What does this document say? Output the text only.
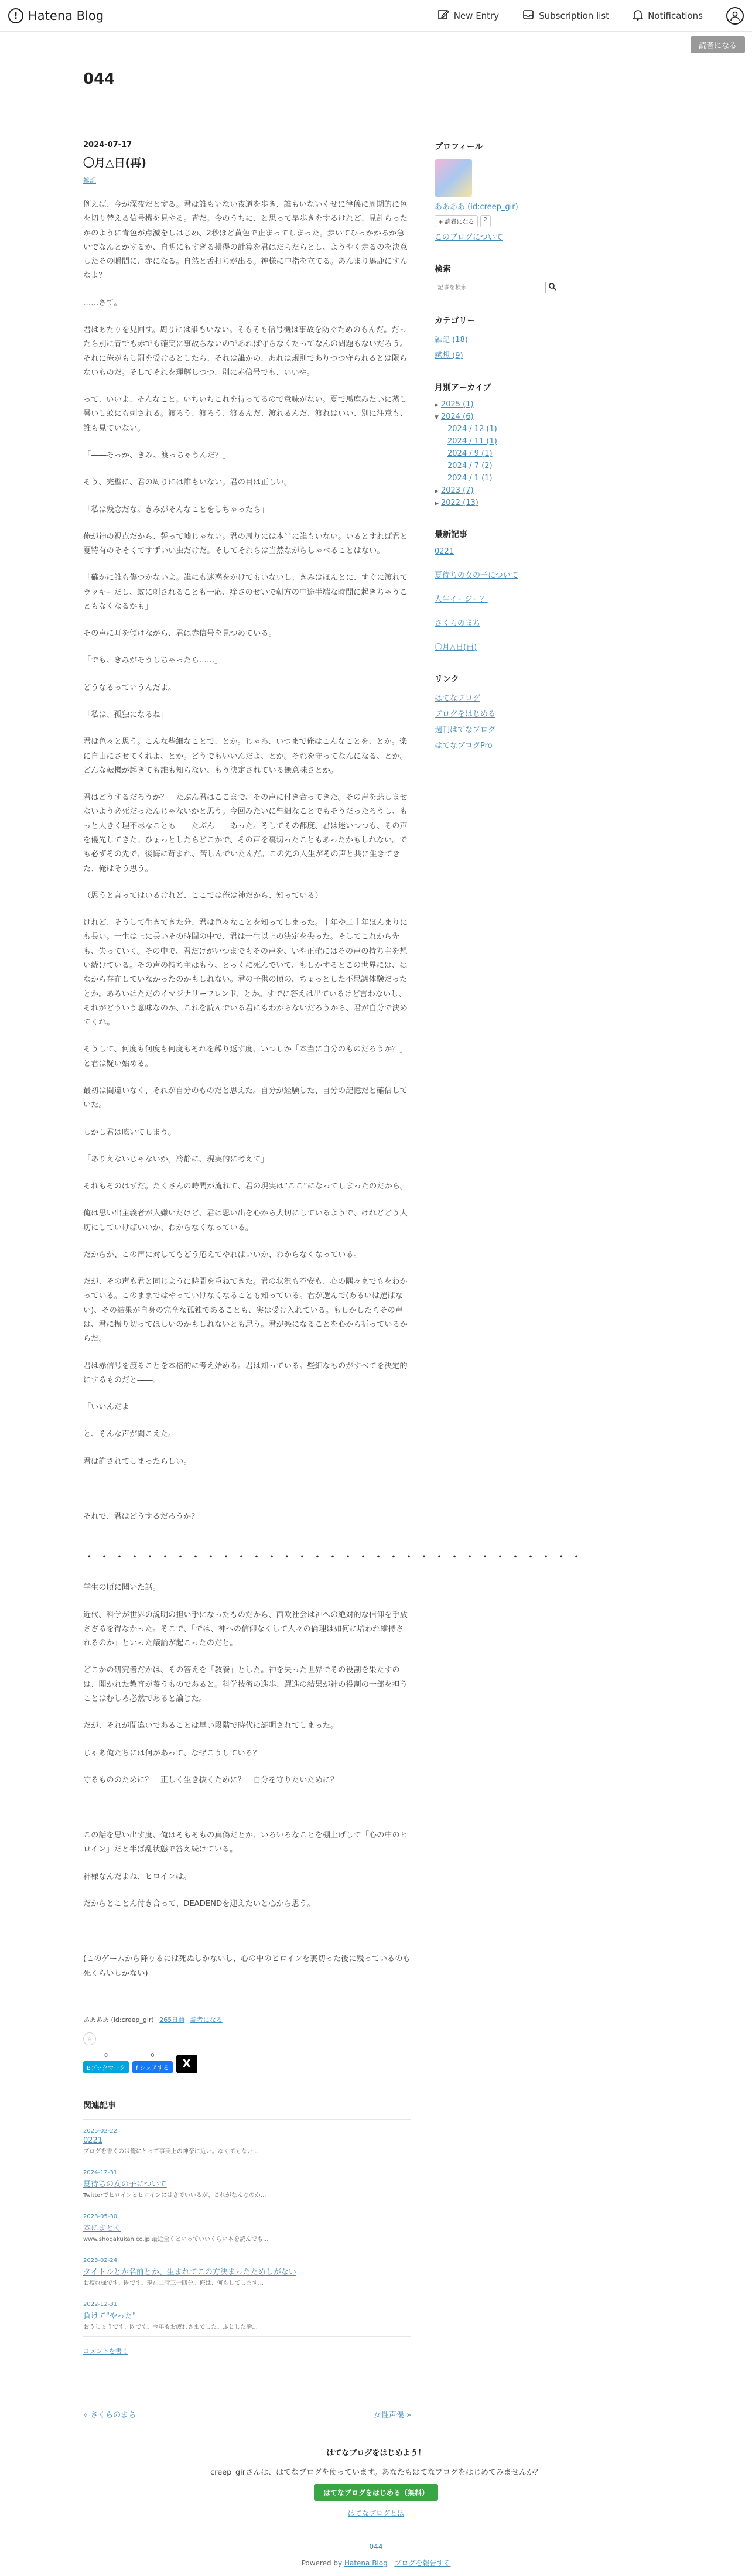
! Hatena Blog	New Entry	Subscription list	Notifications
読者になる
044
2024-07-17
〇月△日(再)
雑記

例えば、今が深夜だとする。君は誰もいない夜道を歩き、誰もいないくせに律儀に周期的に色を切り替える信号機を見やる。青だ。今のうちに、と思って早歩きをするけれど、見計らったかのように青色が点滅をしはじめ、2秒ほど黄色で止まってしまった。歩いてひっかかるか急いでなんとかするか、自明にもすぎる損得の計算を君はだらだらとし、ようやく走るのを決意したその瞬間に、赤になる。自然と舌打ちが出る。神様に中指を立てる。あんまり馬鹿にすんなよ？

……さて。

君はあたりを見回す。周りには誰もいない。そもそも信号機は事故を防ぐためのもんだ。だったら別に青でも赤でも確実に事故らないのであれば守らなくたってなんの問題もないだろう。それに俺がもし罰を受けるとしたら、それは誰かの、あれは規則でありつつ守られるとは限らないものだ。そしてそれを理解しつつ、別に赤信号でも、いいや。

って、いいよ、そんなこと。いちいちこれを待ってるので意味がない。夏で馬鹿みたいに蒸し暑いし蚊にも刺される。渡ろう、渡ろう、渡るんだ、渡れるんだ、渡れはいい、別に注意も、誰も見ていない。

「――そっか、きみ、渡っちゃうんだ？」

そう、完璧に、君の周りには誰もいない。君の目は正しい。

「私は残念だな。きみがそんなことをしちゃったら」

俺が神の視点だから、誓って嘘じゃない。君の周りには本当に誰もいない。いるとすれば君と夏特有のそそくてすずいい虫だけだ。そしてそれらは当然ながらしゃべることはない。

「確かに誰も傷つかないよ。誰にも迷惑をかけてもいないし、きみはほんとに、すぐに渡れてラッキーだし、蚊に刺されることも一応、痒さのせいで朝方の中途半端な時間に起きちゃうこともなくなるかも」

その声に耳を傾けながら、君は赤信号を見つめている。

「でも、きみがそうしちゃったら……」

どうなるっていうんだよ。

「私は、孤独になるね」

君は色々と思う。こんな些細なことで、とか。じゃあ、いつまで俺はこんなことを、とか。楽に自由にさせてくれよ、とか。どうでもいいんだよ、とか。それを守ってなんになる、とか。どんな転機が起きても誰も知らない、もう決定されている無意味さとか。

君はどうするだろうか？　たぶん君はここまで、その声に付き合ってきた。その声を悲しませないよう必死だったんじゃないかと思う。今回みたいに些細なことでもそうだったろうし、もっと大きく理不尽なことも――たぶん――あった。そしてその都度、君は迷いつつも、その声を優先してきた。ひょっとしたらどこかで、その声を裏切ったこともあったかもしれない。でも必ずその先で、後悔に苛まれ、苦しんでいたんだ。この先の人生がその声と共に生きてきた、俺はそう思う。

（思うと言ってはいるけれど、ここでは俺は神だから、知っている）

けれど、そうして生きてきた分、君は色々なことを知ってしまった。十年や二十年ほんまりにも長い。一生は上に長いその時間の中で、君は一生以上の決定を失った。そしてこれから先も、失っていく。その中で、君だけがいつまでもその声を、いや正確にはその声の持ち主を想い続けている。その声の持ち主はもう、とっくに死んでいて、もしかするとこの世界には、はなから存在していなかったのかもしれない。君の子供の頃の、ちょっとした不思議体験だったとか。あるいはただのイマジナリーフレンド、とか。すでに答えは出ているけど言わないし、それがどういう意味なのか、これを読んでいる君にもわからないだろうから、君が自分で決めてくれ。

そうして、何度も何度も何度もそれを繰り返す度、いつしか「本当に自分のものだろうか？」と君は疑い始める。

最初は間違いなく、それが自分のものだと思えた。自分が経験した、自分の記憶だと確信していた。

しかし君は呟いてしまう。

「ありえないじゃないか。冷静に、現実的に考えて」

それもそのはずだ。たくさんの時間が流れて、君の現実は“ここ”になってしまったのだから。

俺は思い出主義者が大嫌いだけど、君は思い出を心から大切にしているようで、けれどどう大切にしていけばいいか、わからなくなっている。

だからか、この声に対してもどう応えてやればいいか、わからなくなっている。

だが、その声も君と同じように時間を重ねてきた。君の状況も不安も、心の隅々までもをわかっている。このままではやっていけなくなることも知っている。君が選んで(あるいは選ばない)、その結果が自身の完全な孤独であることも、実は受け入れている。もしかしたらその声は、君に振り切ってほしいのかもしれないとも思う。君が楽になることを心から祈っているからだ。

君は赤信号を渡ることを本格的に考え始める。君は知っている。些細なものがすべてを決定的にするものだと――。

「いいんだよ」

と、そんな声が聞こえた。

君は許されてしまったらしい。

それで、君はどうするだろうか？

・・・・・・・・・・・・・・・・・・・・・・・・・・・・・・・・・

学生の頃に聞いた話。

近代、科学が世界の説明の担い手になったものだから、西欧社会は神への絶対的な信仰を手放さざるを得なかった。そこで、「では、神への信仰なくして人々の倫理は如何に培われ維持されるのか」といった議論が起こったのだと。

どこかの研究者だかは、その答えを「教養」とした。神を失った世界でその役割を果たすのは、開かれた教育が養うものであると。科学技術の進歩、躍進の結果が神の役割の一部を担うことはむしろ必然であると論じた。

だが、それが間違いであることは早い段階で時代に証明されてしまった。

じゃあ俺たちには何があって、なぜこうしている？

守るもののために？　正しく生き抜くために？　自分を守りたいために？

この話を思い出す度、俺はそもそもの真偽だとか、いろいろなことを棚上げして「心の中のヒロイン」だと半ば乱状態で答え続けている。

神様なんだよね、ヒロインは。

だからとことん付き合って、DEADENDを迎えたいと心から思う。

(このゲームから降りるには死ぬしかないし、心の中のヒロインを裏切った後に残っているのも死くらいしかない)

ああああ (id:creep_gir) 265日前 読者になる
☆
0
Bブックマーク
0
f シェアする	X
関連記事
2025-02-22
0221
ブログを書くのは俺にとって事実上の神奈に近い。なくてもない...
2024-12-31
夏待ちの女の子について
Twitterでヒロインとヒロインにはさでいいるが、これがなんなのか...
2023-05-30
本にまとく
www.shogakukan.co.jp 最近全くといっていいくらい本を読んでも...
2023-02-24
タイトルとか名前とか、生まれてこの方決まったためしがない
お疲れ様です。既です。現在二時三十四分。俺は、何もしてします...
2022-12-31
負けて"やった"
おうしょうです。既です。今年もお疲れさまでした。ふとした瞬...
コメントを書く
« さくらのまち	女性声優 »
プロフィール
ああああ (id:creep_gir)
+ 読者になる	2
このブログについて
検索
記事を検索
カテゴリー
雑記 (18)
感想 (9)
月別アーカイブ
▶ 2025 (1)
▼ 2024 (6)
2024 / 12 (1)
2024 / 11 (1)
2024 / 9 (1)
2024 / 7 (2)
2024 / 1 (1)
▶ 2023 (7)
▶ 2022 (13)
最新記事
0221
夏待ちの女の子について
人生イージー？
さくらのまち
〇月△日(再)
リンク
はてなブログ
ブログをはじめる
週刊はてなブログ
はてなブログPro
はてなブログをはじめよう！
creep_girさんは、はてなブログを使っています。あなたもはてなブログをはじめてみませんか？
はてなブログをはじめる（無料）
はてなブログとは
044
Powered by Hatena Blog | ブログを報告する
